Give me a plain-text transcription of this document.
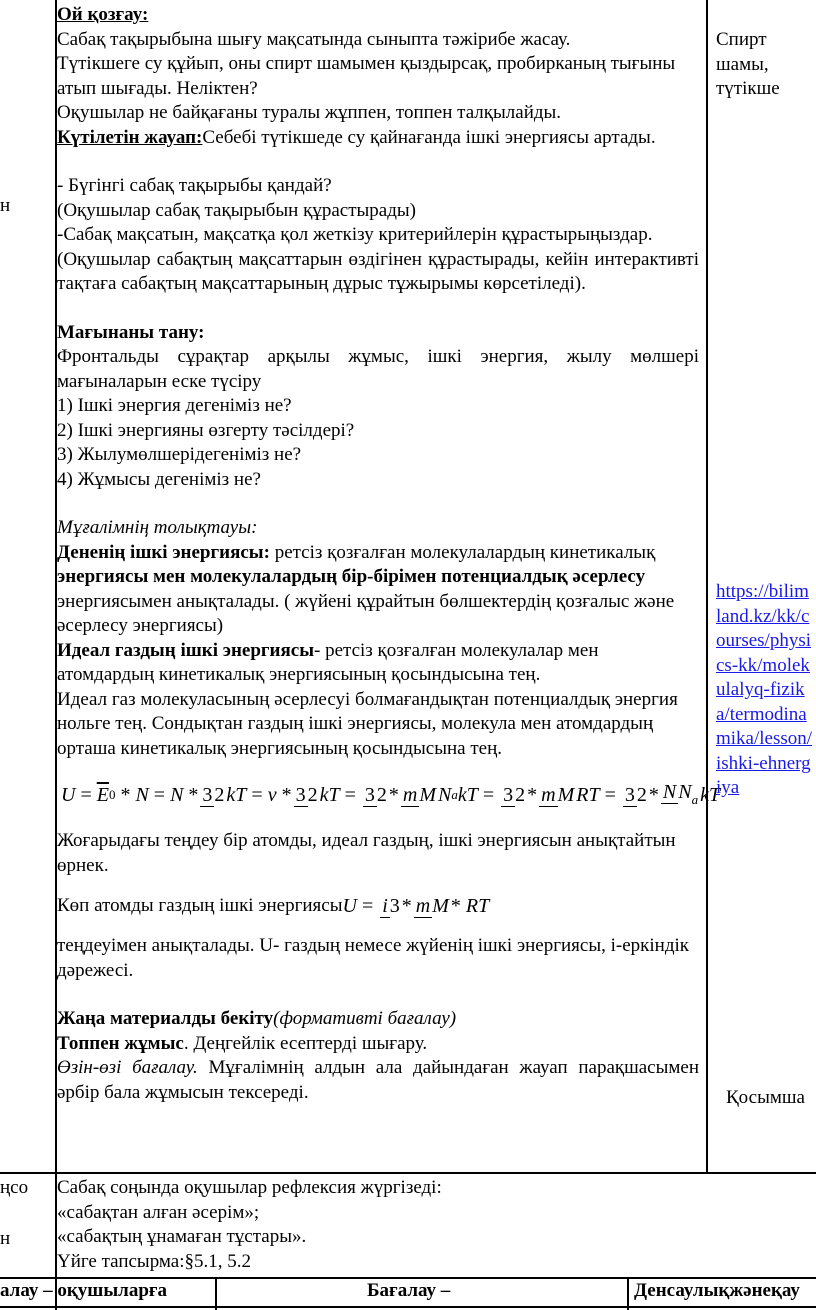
н
ңсо
н

Ой қозғау:

Сабақ тақырыбына шығу мақсатында сыныпта тәжірибе жасау.

Түтікшеге су құйып, оны спирт шамымен қыздырсақ, пробирканың тығыны атып шығады. Неліктен?

Оқушылар не байқағаны туралы жұппен, топпен талқылайды.

Күтілетін жауап:Себебі түтікшеде су қайнағанда ішкі энергиясы артады.

- Бүгінгі сабақ тақырыбы қандай?

(Оқушылар сабақ тақырыбын құрастырады)

-Сабақ мақсатын, мақсатқа қол жеткізу критерийлерін құрастырыңыздар.

(Оқушылар сабақтың мақсаттарын өздігінен құрастырады, кейін интерактивті тақтаға сабақтың мақсаттарының дұрыс тұжырымы көрсетіледі).

Мағынаны тану:

Фронтальды сұрақтар арқылы жұмыс, ішкі энергия, жылу мөлшері мағыналарын еске түсіру

1) Ішкі энергия дегеніміз не?

2) Ішкі энергияны өзгерту тәсілдері?

3) Жылумөлшерідегеніміз не?

4) Жұмысы дегеніміз не?

Мұғалімнің толықтауы:

Дененің ішкі энергиясы: ретсіз қозғалған молекулалардың кинетикалық энергиясы мен молекулалардың бір-бірімен потенциалдық әсерлесу энергиясымен анықталады. ( жүйені құрайтын бөлшектердің қозғалыс және әсерлесу энергиясы)

Идеал газдың ішкі энергиясы- ретсіз қозғалған молекулалар мен атомдардың кинетикалық энергиясының қосындысына тең.

Идеал газ молекуласының әсерлесуі болмағандықтан потенциалдық энергия нольге тең. Сондықтан газдың ішкі энергиясы, молекула мен атомдардың орташа кинетикалық энергиясының қосындысына тең.

$U = \overline{E}$ 0 * N = N * 3 2 kT = ν * 3 2 kT = 3 2 * m M N a kT = 3 2 * m M RT = 3 2 * N Na kT

Жоғарыдағы теңдеу бір атомды, идеал газдың, ішкі энергиясын анықтайтын өрнек.

Көп атомды газдың ішкі энергиясы U = i 3 * m M * RT

теңдеуімен анықталады. U- газдың немесе жүйенің ішкі энергиясы, і-еркіндік дәрежесі.

Жаңа материалды бекіту(формативті бағалау)

Топпен жұмыс. Деңгейлік есептерді шығару.

Өзін-өзі бағалау. Мұғалімнің алдын ала дайындаған жауап парақшасымен әрбір бала жұмысын тексереді.

Спирт шамы, түтікше
https://bilimland.kz/kk/courses/physics-kk/molekulalyq-fizika/termodinamika/lesson/ishki-ehnergiya
Қосымша
Сабақ соңында оқушылар рефлексия жүргізеді:
«сабақтан алған әсерім»;
«сабақтың ұнамаған тұстары».
Үйге тапсырма:§5.1, 5.2
алау – оқушыларға	Бағалау –	Денсаулықжәнеқау
